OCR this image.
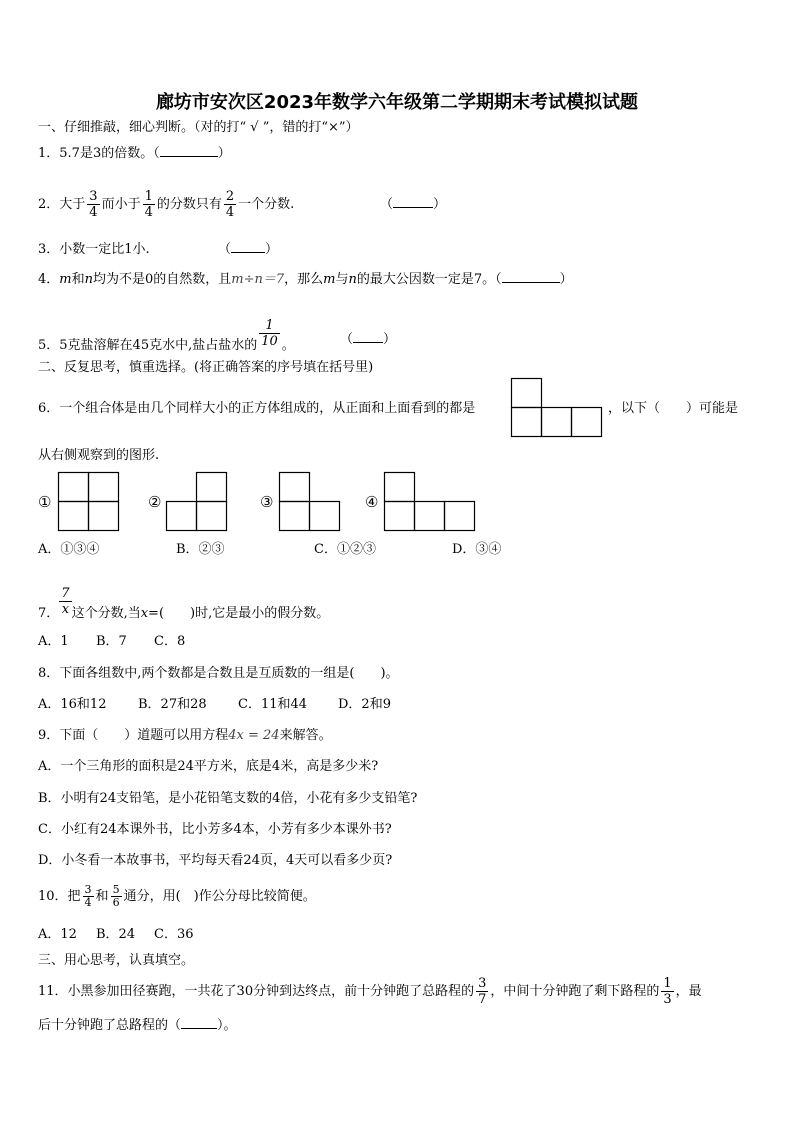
廊坊市安次区2023年数学六年级第二学期期末考试模拟试题
一、仔细推敲，细心判断。（对的打“ √ ”，错的打“×”）
1．5.7是3的倍数。（	）
2．大于 $\frac{3}{4}$ 而小于 $\frac{1}{4}$ 的分数只有 $\frac{2}{4}$ 一个分数.	（	）
3．小数一定比1小.	（	）
4．m和n均为不是0的自然数，且m÷n＝7，那么m与n的最大公因数一定是7。（	）
5．5克盐溶解在45克水中,盐占盐水的 $\frac{1}{10}$ 。	（ ）
二、反复思考，慎重选择。(将正确答案的序号填在括号里)
6．一个组合体是由几个同样大小的正方体组成的，从正面和上面看到的都是	，以下（　　）可能是
从右侧观察到的图形.
①	②	③	④
A．①③④	B．②③	C．①②③	D．③④
7． $\frac{7}{x}$ 这个分数,当x=(　　)时,它是最小的假分数。
A．1 B．7 C．8
8．下面各组数中,两个数都是合数且是互质数的一组是(　　)。
A．16和12 B．27和28 C．11和44 D．2和9
9．下面（　　）道题可以用方程4x = 24来解答。
A．一个三角形的面积是24平方米，底是4米，高是多少米?
B．小明有24支铅笔，是小花铅笔支数的4倍，小花有多少支铅笔?
C．小红有24本课外书，比小芳多4本，小芳有多少本课外书?
D．小冬看一本故事书，平均每天看24页，4天可以看多少页?
10．把 $\frac{3}{4}$ 和 $\frac{5}{6}$ 通分，用(　)作公分母比较简便。
A．12 B．24 C．36
三、用心思考，认真填空。
11．小黑参加田径赛跑，一共花了30分钟到达终点，前十分钟跑了总路程的 $\frac{3}{7}$ ，中间十分钟跑了剩下路程的 $\frac{1}{3}$ ，最
后十分钟跑了总路程的（	）。
